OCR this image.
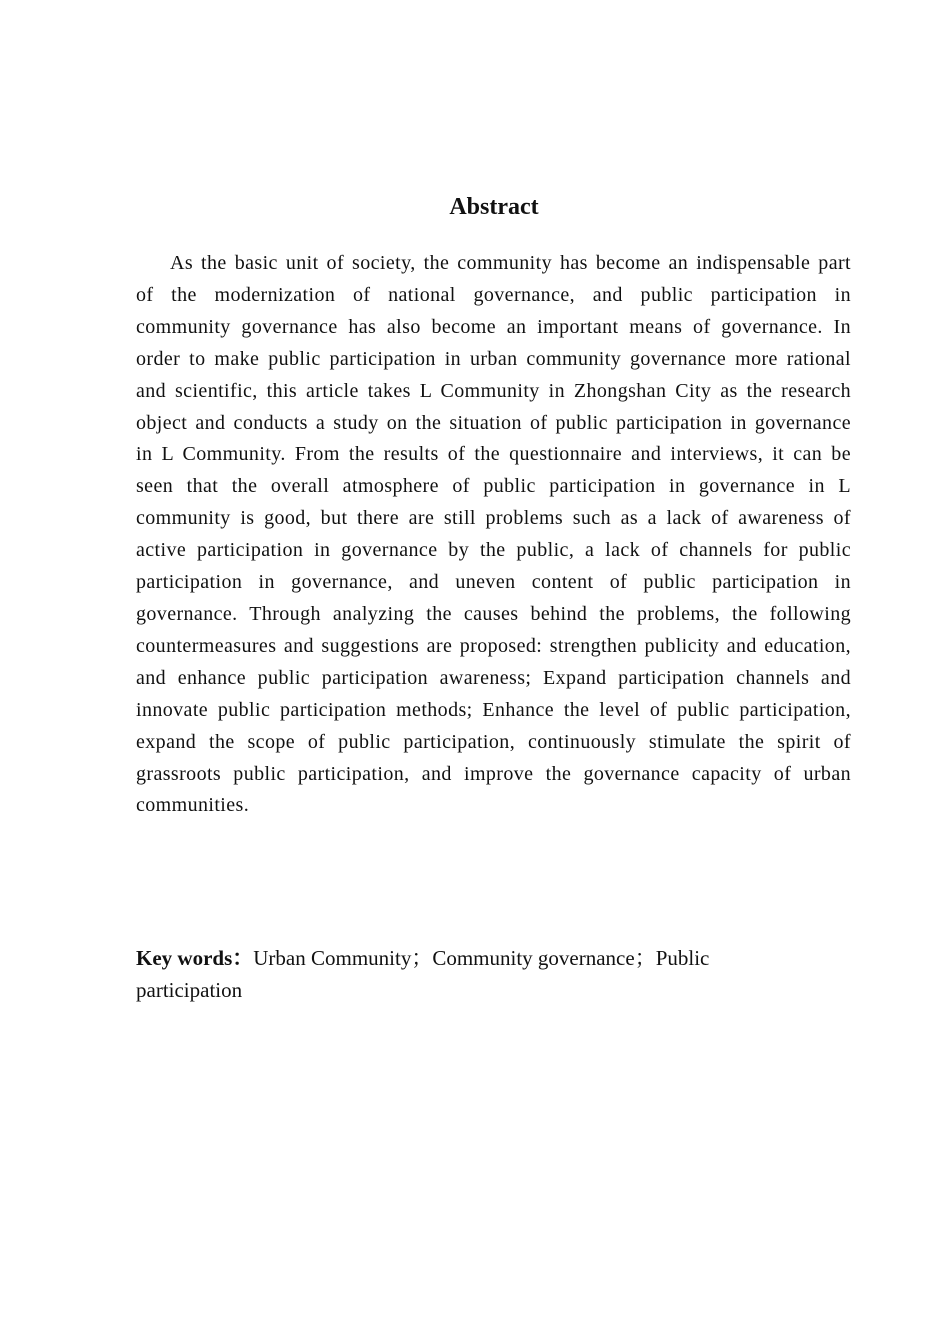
Abstract

As the basic unit of society, the community has become an indispensable part of the modernization of national governance, and public participation in community governance has also become an important means of governance. In order to make public participation in urban community governance more rational and scientific, this article takes L Community in Zhongshan City as the research object and conducts a study on the situation of public participation in governance in L Community. From the results of the questionnaire and interviews, it can be seen that the overall atmosphere of public participation in governance in L community is good, but there are still problems such as a lack of awareness of active participation in governance by the public, a lack of channels for public participation in governance, and uneven content of public participation in governance. Through analyzing the causes behind the problems, the following countermeasures and suggestions are proposed: strengthen publicity and education, and enhance public participation awareness; Expand participation channels and innovate public participation methods; Enhance the level of public participation, expand the scope of public participation, continuously stimulate the spirit of grassroots public participation, and improve the governance capacity of urban communities.

Key words：Urban Community；Community governance；Public participation
